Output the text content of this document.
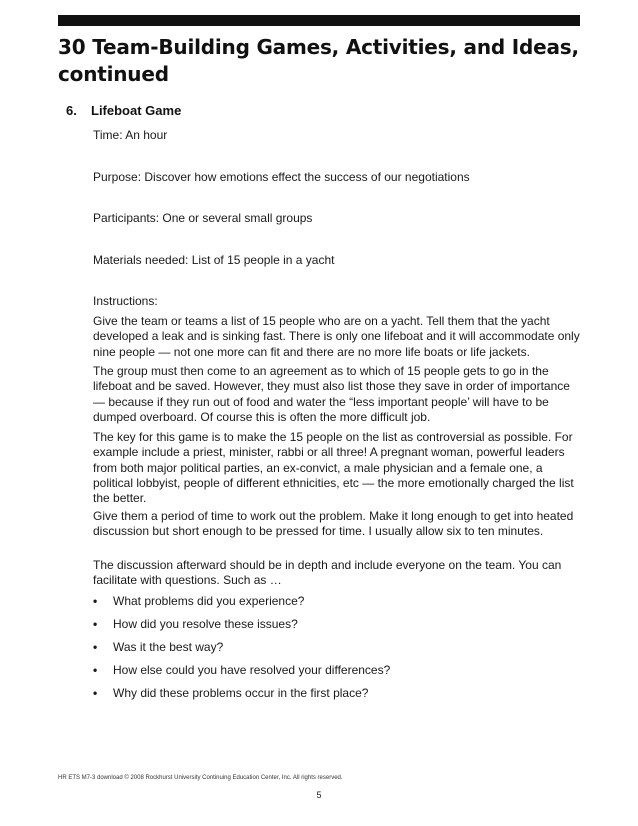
30 Team-Building Games, Activities, and Ideas,
continued
6. Lifeboat Game

Time: An hour

Purpose: Discover how emotions effect the success of our negotiations

Participants: One or several small groups

Materials needed: List of 15 people in a yacht

Instructions:

Give the team or teams a list of 15 people who are on a yacht. Tell them that the yacht developed a leak and is sinking fast. There is only one lifeboat and it will accommodate only nine people — not one more can fit and there are no more life boats or life jackets.

The group must then come to an agreement as to which of 15 people gets to go in the lifeboat and be saved. However, they must also list those they save in order of importance — because if they run out of food and water the “less important people’ will have to be dumped overboard. Of course this is often the more difficult job.

The key for this game is to make the 15 people on the list as controversial as possible. For example include a priest, minister, rabbi or all three! A pregnant woman, powerful leaders from both major political parties, an ex-convict, a male physician and a female one, a political lobbyist, people of different ethnicities, etc — the more emotionally charged the list the better.

Give them a period of time to work out the problem. Make it long enough to get into heated discussion but short enough to be pressed for time. I usually allow six to ten minutes.

The discussion afterward should be in depth and include everyone on the team. You can facilitate with questions. Such as …

• What problems did you experience?
• How did you resolve these issues?
• Was it the best way?
• How else could you have resolved your differences?
• Why did these problems occur in the first place?

HR ETS M7-3 download © 2008 Rockhurst University Continuing Education Center, Inc. All rights reserved.

5
